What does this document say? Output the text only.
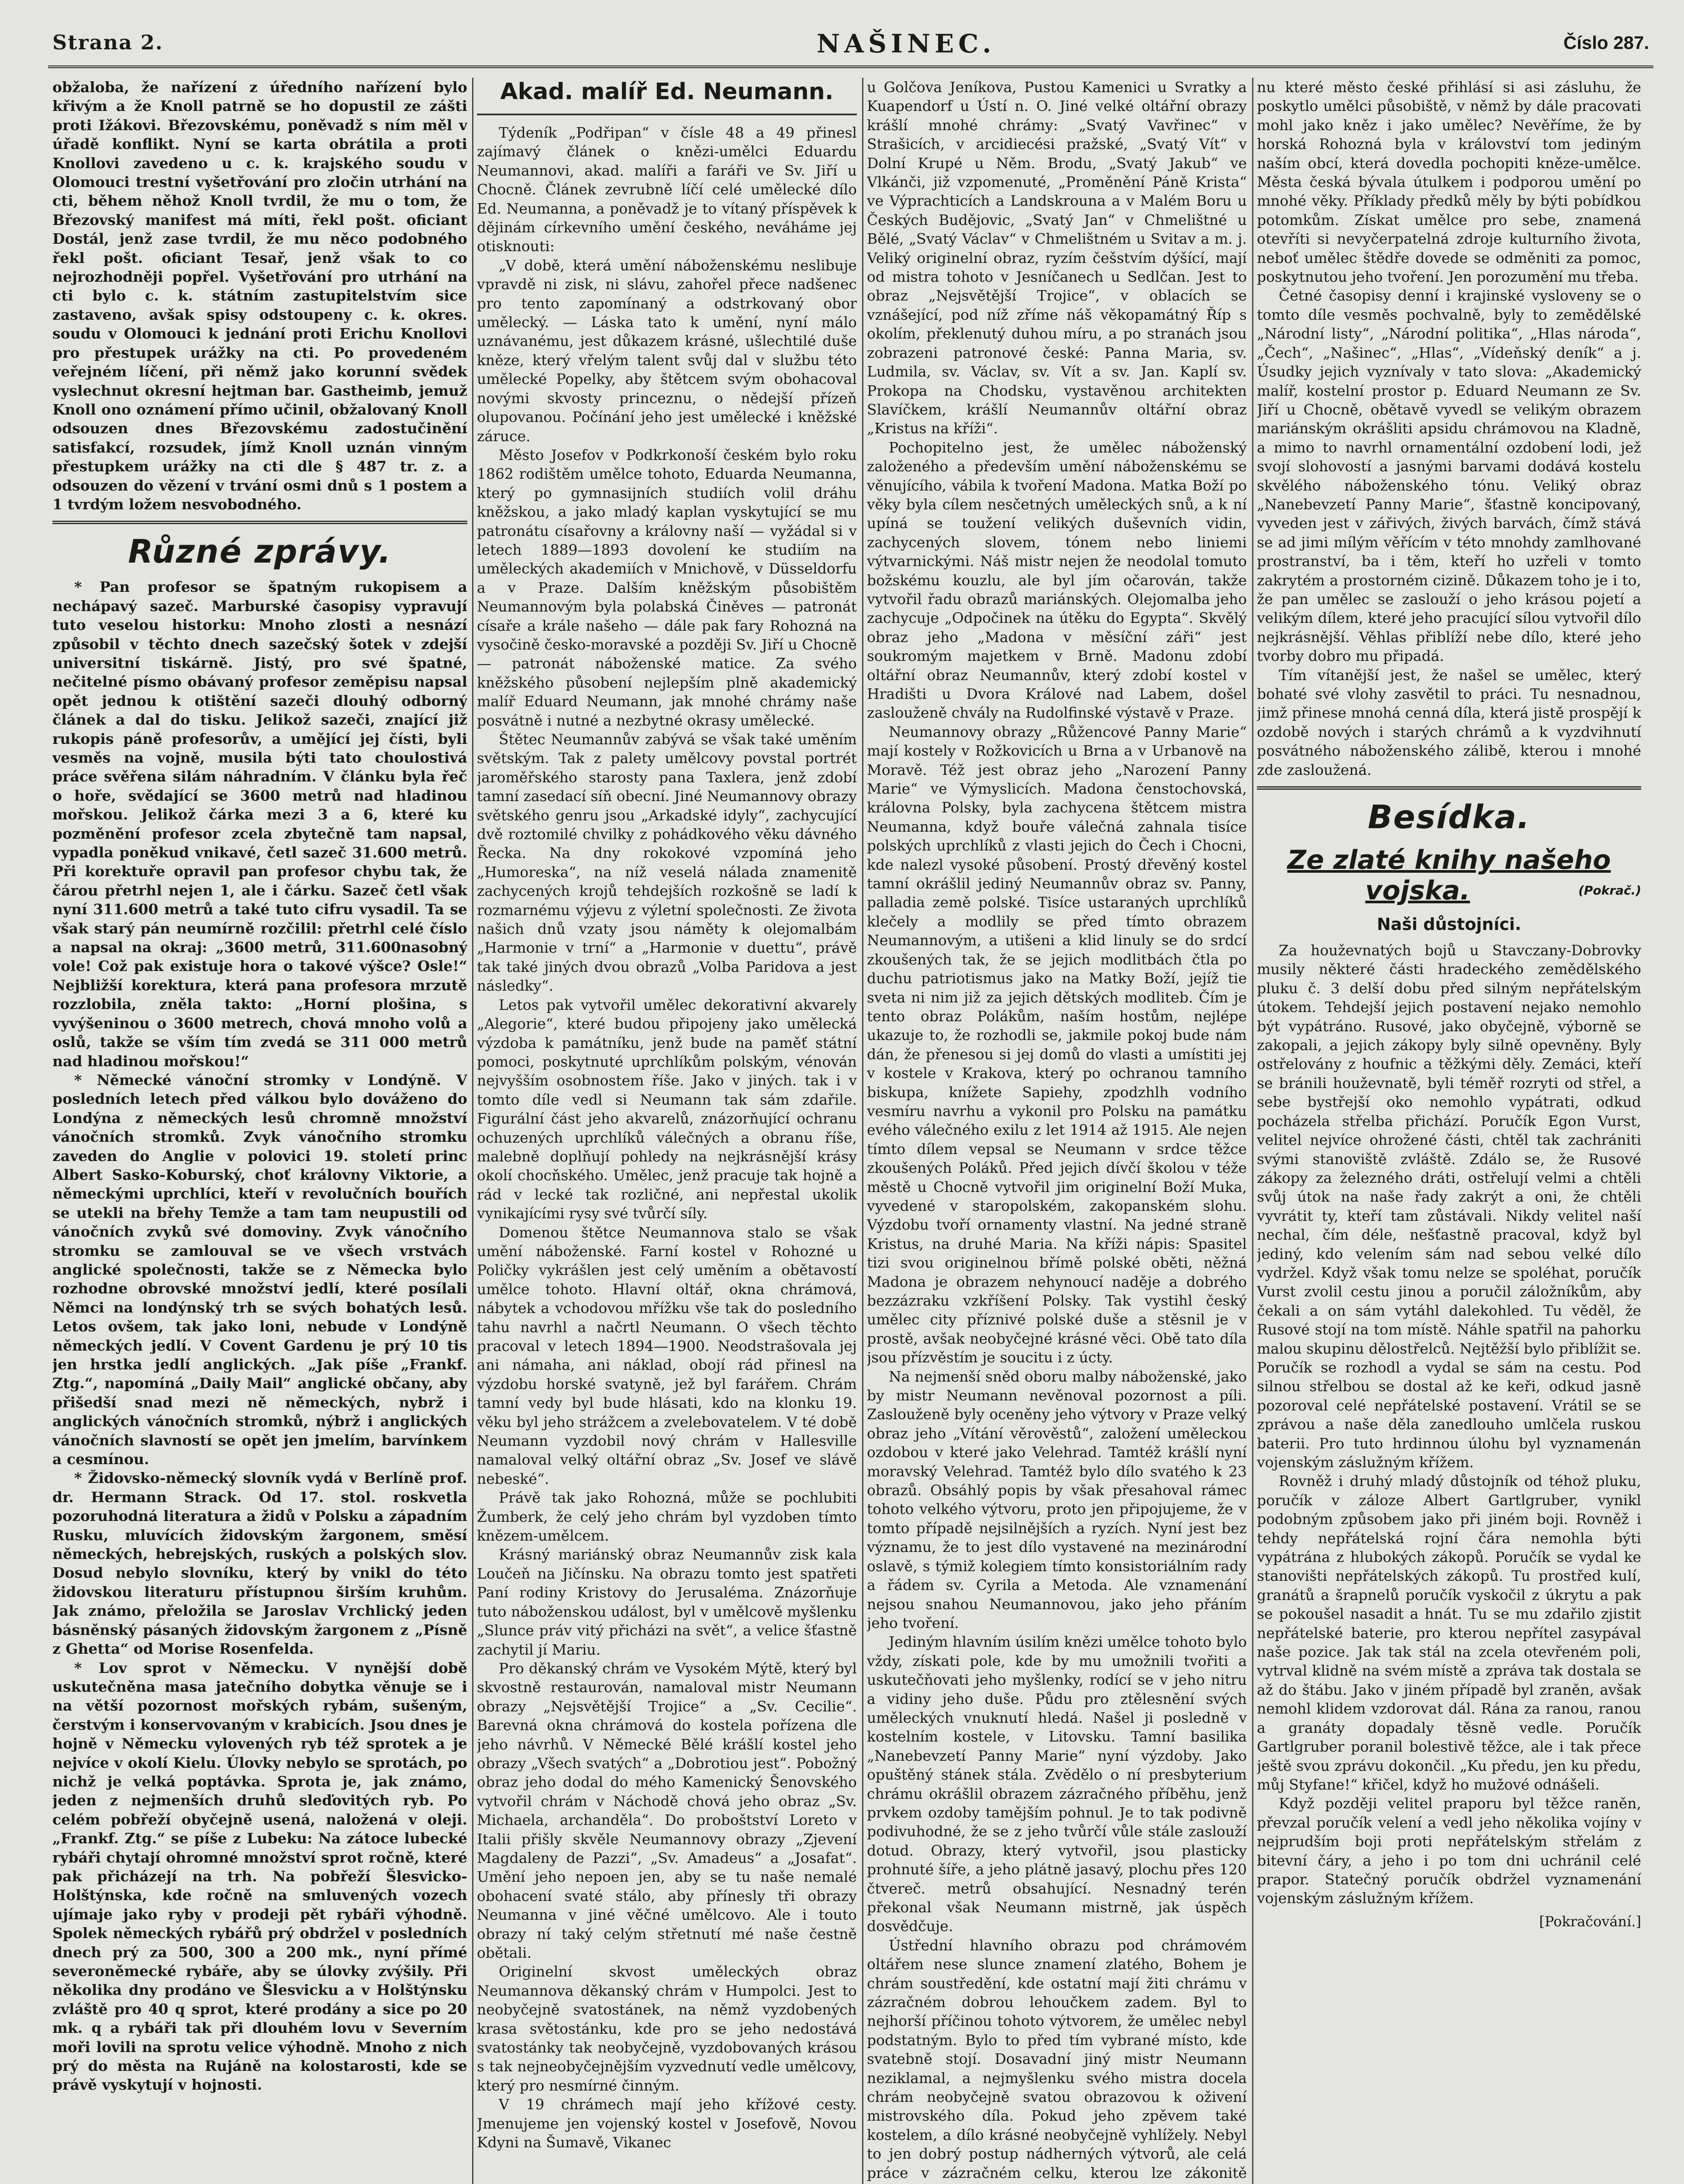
Strana 2.	NAŠINEC.	Číslo 287.

obžaloba, že nařízení z úředního nařízení bylo křivým a že Knoll patrně se ho dopustil ze zášti proti Ižákovi. Březovskému, poněvadž s ním měl v úřadě konflikt. Nyní se karta obrátila a proti Knollovi zavedeno u c. k. krajského soudu v Olomouci trestní vyšetřování pro zločin utrhání na cti, během něhož Knoll tvrdil, že mu o tom, že Březovský manifest má míti, řekl pošt. oficiant Dostál, jenž zase tvrdil, že mu něco podobného řekl pošt. oficiant Tesař, jenž však to co nejrozhodněji popřel. Vyšetřování pro utrhání na cti bylo c. k. státním zastupitelstvím sice zastaveno, avšak spisy odstoupeny c. k. okres. soudu v Olomouci k jednání proti Erichu Knollovi pro přestupek urážky na cti. Po provedeném veřejném líčení, při němž jako korunní svědek vyslechnut okresní hejtman bar. Gastheimb, jemuž Knoll ono oznámení přímo učinil, obžalovaný Knoll odsouzen dnes Březovskému zadostučinění satisfakcí, rozsudek, jímž Knoll uznán vinným přestupkem urážky na cti dle § 487 tr. z. a odsouzen do vězení v trvání osmi dnů s 1 postem a 1 tvrdým ložem nesvobodného.

Různé zprávy.

* Pan profesor se špatným rukopisem a nechápavý sazeč. Marburské časopisy vypravují tuto veselou historku: Mnoho zlosti a nesnází způsobil v těchto dnech sazečský šotek v zdejší universitní tiskárně. Jistý, pro své špatné, nečitelné písmo obávaný profesor zeměpisu napsal opět jednou k otištění sazeči dlouhý odborný článek a dal do tisku. Jelikož sazeči, znající již rukopis páně profesorův, a umějící jej čísti, byli vesměs na vojně, musila býti tato choulostivá práce svěřena silám náhradním. V článku byla řeč o hoře, svědající se 3600 metrů nad hladinou mořskou. Jelikož čárka mezi 3 a 6, které ku pozměnění profesor zcela zbytečně tam napsal, vypadla poněkud vnikavé, četl sazeč 31.600 metrů. Při korektuře opravil pan profesor chybu tak, že čárou přetrhl nejen 1, ale i čárku. Sazeč četl však nyní 311.600 metrů a také tuto cifru vysadil. Ta se však starý pán neumírně rozčilil: přetrhl celé číslo a napsal na okraj: „3600 metrů, 311.600nasobný vole! Což pak existuje hora o takové výšce? Osle!“ Nejbližší korektura, která pana profesora mrzutě rozzlobila, zněla takto: „Horní plošina, s vyvýšeninou o 3600 metrech, chová mnoho volů a oslů, takže se vším tím zvedá se 311 000 metrů nad hladinou mořskou!“

* Německé vánoční stromky v Londýně. V posledních letech před válkou bylo dováženo do Londýna z německých lesů chromně množství vánočních stromků. Zvyk vánočního stromku zaveden do Anglie v polovici 19. století princ Albert Sasko-Koburský, choť královny Viktorie, a německými uprchlíci, kteří v revolučních bouřích se utekli na břehy Temže a tam tam neupustili od vánočních zvyků své domoviny. Zvyk vánočního stromku se zamlouval se ve všech vrstvách anglické společnosti, takže se z Německa bylo rozhodne obrovské množství jedlí, které posílali Němci na londýnský trh se svých bohatých lesů. Letos ovšem, tak jako loni, nebude v Londýně německých jedlí. V Covent Gardenu je prý 10 tis jen hrstka jedlí anglických. „Jak píše „Frankf. Ztg.“, napomíná „Daily Mail“ anglické občany, aby přišedší snad mezi ně německých, nybrž i anglických vánočních stromků, nýbrž i anglických vánočních slavností se opět jen jmelím, barvínkem a cesmínou.

* Židovsko-německý slovník vydá v Berlíně prof. dr. Hermann Strack. Od 17. stol. roskvetla pozoruhodná literatura a židů v Polsku a západním Rusku, mluvících židovským žargonem, směsí německých, hebrejských, ruských a polských slov. Dosud nebylo slovníku, který by vnikl do této židovskou literaturu přístupnou širším kruhům. Jak známo, přeložila se Jaroslav Vrchlický jeden básněnský pásaných židovským žargonem z „Písně z Ghetta“ od Morise Rosenfelda.

* Lov sprot v Německu. V nynější době uskutečněna masa jatečního dobytka věnuje se i na větší pozornost mořských rybám, sušeným, čerstvým i konservovaným v krabicích. Jsou dnes je hojně v Německu vylovených ryb též sprotek a je nejvíce v okolí Kielu. Úlovky nebylo se sprotách, po nichž je velká poptávka. Sprota je, jak známo, jeden z nejmenších druhů sleďovitých ryb. Po celém pobřeží obyčejně usená, naložená v oleji. „Frankf. Ztg.“ se píše z Lubeku: Na zátoce lubecké rybáři chytají ohromné množství sprot ročně, které pak přicházejí na trh. Na pobřeží Šlesvicko-Holštýnska, kde ročně na smluvených vozech ujímaje jako ryby v prodeji pět rybáři výhodně. Spolek německých rybářů prý obdržel v posledních dnech prý za 500, 300 a 200 mk., nyní přímé severoněmecké rybáře, aby se úlovky zvýšily. Při několika dny prodáno ve Šlesvicku a v Holštýnsku zvláště pro 40 q sprot, které prodány a sice po 20 mk. q a rybáři tak při dlouhém lovu v Severním moři lovili na sprotu velice výhodně. Mnoho z nich prý do města na Rujáně na kolostarosti, kde se právě vyskytují v hojnosti.

Akad. malíř Ed. Neumann.

Týdeník „Podřipan“ v čísle 48 a 49 přinesl zajímavý článek o knězi-umělci Eduardu Neumannovi, akad. malíři a faráři ve Sv. Jiří u Chocně. Článek zevrubně líčí celé umělecké dílo Ed. Neumanna, a poněvadž je to vítaný příspěvek k dějinám církevního umění českého, neváháme jej otisknouti:

„V době, která umění náboženskému neslibuje vpravdě ni zisk, ni slávu, zahořel přece nadšenec pro tento zapomínaný a odstrkovaný obor umělecký. — Láska tato k umění, nyní málo uznávanému, jest důkazem krásné, ušlechtilé duše kněze, který vřelým talent svůj dal v službu této umělecké Popelky, aby štětcem svým obohacoval novými skvosty princeznu, o nědejší přízeň olupovanou. Počínání jeho jest umělecké i kněžské záruce.

Město Josefov v Podkrkonoší českém bylo roku 1862 rodištěm umělce tohoto, Eduarda Neumanna, který po gymnasijních studiích volil dráhu kněžskou, a jako mladý kaplan vyskytující se mu patronátu císařovny a královny naší — vyžádal si v letech 1889—1893 dovolení ke studiím na uměleckých akademiích v Mnichově, v Düsseldorfu a v Praze. Dalším kněžským působištěm Neumannovým byla polabská Činěves — patronát císaře a krále našeho — dále pak fary Rohozná na vysočině česko-moravské a později Sv. Jiří u Chocně — patronát náboženské matice. Za svého kněžského působení nejlepším plně akademický malíř Eduard Neumann, jak mnohé chrámy naše posvátně i nutné a nezbytné okrasy umělecké.

Štětec Neumannův zabývá se však také uměním světským. Tak z palety umělcovy povstal portrét jaroměřského starosty pana Taxlera, jenž zdobí tamní zasedací síň obecní. Jiné Neumannovy obrazy světského genru jsou „Arkadské idyly“, zachycující dvě roztomilé chvilky z pohádkového věku dávného Řecka. Na dny rokokové vzpomíná jeho „Humoreska“, na níž veselá nálada znamenitě zachycených krojů tehdejších rozkošně se ladí k rozmarnému výjevu z výletní společnosti. Ze života našich dnů vzaty jsou náměty k olejomalbám „Harmonie v trní“ a „Harmonie v duettu“, právě tak také jiných dvou obrazů „Volba Paridova a jest následky“.

Letos pak vytvořil umělec dekorativní akvarely „Alegorie“, které budou připojeny jako umělecká výzdoba k památníku, jenž bude na paměť státní pomoci, poskytnuté uprchlíkům polským, vénován nejvyšším osobnostem říše. Jako v jiných. tak i v tomto díle vedl si Neumann tak sám zdařile. Figurální část jeho akvarelů, znázorňující ochranu ochuzených uprchlíků válečných a obranu říše, malebně doplňují pohledy na nejkrásnější krásy okolí chocňského. Umělec, jenž pracuje tak hojně a rád v lecké tak rozličné, ani nepřestal ukolik vynikajícími rysy své tvůrčí síly.

Domenou štětce Neumannova stalo se však umění náboženské. Farní kostel v Rohozné u Poličky vykrášlen jest celý uměním a obětavostí umělce tohoto. Hlavní oltář, okna chrámová, nábytek a vchodovou mřížku vše tak do posledního tahu navrhl a načrtl Neumann. O všech těchto pracoval v letech 1894—1900. Neodstrašovala jej ani námaha, ani náklad, obojí rád přinesl na výzdobu horské svatyně, jež byl farářem. Chrám tamní vedy byl bude hlásati, kdo na klonku 19. věku byl jeho strážcem a zvelebovatelem. V té době Neumann vyzdobil nový chrám v Hallesville namaloval velký oltářní obraz „Sv. Josef ve slávě nebeské“.

Právě tak jako Rohozná, může se pochlubiti Žumberk, že celý jeho chrám byl vyzdoben tímto knězem-umělcem.

Krásný mariánský obraz Neumannův zisk kala Loučeň na Jičínsku. Na obrazu tomto jest spatřeti Paní rodiny Kristovy do Jerusaléma. Znázorňuje tuto náboženskou událost, byl v umělcově myšlenku „Slunce práv vitý přicházi na svět“, a velice šťastně zachytil jí Mariu.

Pro děkanský chrám ve Vysokém Mýtě, který byl skvostně restaurován, namaloval mistr Neumann obrazy „Nejsvětější Trojice“ a „Sv. Cecilie“. Barevná okna chrámová do kostela pořízena dle jeho návrhů. V Německé Bělé krášlí kostel jeho obrazy „Všech svatých“ a „Dobrotiou jest“. Pobožný obraz jeho dodal do mého Kamenický Šenovského vytvořil chrám v Náchodě chová jeho obraz „Sv. Michaela, archanděla“. Do proboštství Loreto v Italii přišly skvěle Neumannovy obrazy „Zjevení Magdaleny de Pazzi“, „Sv. Amadeus“ a „Josafat“. Umění jeho nepoen jen, aby se tu naše nemalé obohacení svaté stálo, aby přínesly tři obrazy Neumanna v jiné věčné umělcovo. Ale i touto obrazy ní taký celým střetnutí mé naše čestně obětali.

Originelní skvost uměleckých obraz Neumannova děkanský chrám v Humpolci. Jest to neobyčejně svatostánek, na němž vyzdobených krasa světostánku, kde pro se jeho nedostává svatostánky tak neobyčejně, vyzdobovaných krásou s tak nejneobyčejnějším vyzvednutí vedle umělcovy, který pro nesmírné činným.

V 19 chrámech mají jeho křížové cesty. Jmenujeme jen vojenský kostel v Josefově, Novou Kdyni na Šumavě, Vikanec

u Golčova Jeníkova, Pustou Kamenici u Svratky a Kuapendorf u Ústí n. O. Jiné velké oltářní obrazy krášlí mnohé chrámy: „Svatý Vavřinec“ v Strašicích, v arcidiecési pražské, „Svatý Vít“ v Dolní Krupé u Něm. Brodu, „Svatý Jakub“ ve Vlkánči, již vzpomenuté, „Proměnění Páně Krista“ ve Výprachticích a Landskrouna a v Malém Boru u Českých Budějovic, „Svatý Jan“ v Chmelištné u Bělé, „Svatý Václav“ v Chmelištném u Svitav a m. j. Veliký originelní obraz, ryzím češstvím dýšící, mají od mistra tohoto v Jesníčanech u Sedlčan. Jest to obraz „Nejsvětější Trojice“, v oblacích se vznášející, pod níž zříme náš věkopamátný Říp s okolím, překlenutý duhou míru, a po stranách jsou zobrazeni patronové české: Panna Maria, sv. Ludmila, sv. Václav, sv. Vít a sv. Jan. Kaplí sv. Prokopa na Chodsku, vystavěnou architekten Slavíčkem, krášlí Neumannův oltářní obraz „Kristus na kříži“.

Pochopitelno jest, že umělec náboženský založeného a především umění náboženskému se věnujícího, vábila k tvoření Madona. Matka Boží po věky byla cílem nesčetných uměleckých snů, a k ní upíná se toužení velikých duševních vidin, zachycených slovem, tónem nebo liniemi výtvarnickými. Náš mistr nejen že neodolal tomuto božskému kouzlu, ale byl jím očarován, takže vytvořil řadu obrazů mariánských. Olejomalba jeho zachycuje „Odpočinek na útěku do Egypta“. Skvělý obraz jeho „Madona v měsíční záři“ jest soukromým majetkem v Brně. Madonu zdobí oltářní obraz Neumannův, který zdobí kostel v Hradišti u Dvora Králové nad Labem, došel zaslouženě chvály na Rudolfinské výstavě v Praze.

Neumannovy obrazy „Růžencové Panny Marie“ mají kostely v Rožkovicích u Brna a v Urbanově na Moravě. Též jest obraz jeho „Narození Panny Marie“ ve Výmyslicích. Madona čenstochovská, královna Polsky, byla zachycena štětcem mistra Neumanna, když bouře válečná zahnala tisíce polských uprchlíků z vlasti jejich do Čech i Chocni, kde nalezl vysoké působení. Prostý dřevěný kostel tamní okrášlil jediný Neumannův obraz sv. Panny, palladia země polské. Tisíce ustaraných uprchlíků klečely a modlily se před tímto obrazem Neumannovým, a utišeni a klid linuly se do srdcí zkoušených tak, že se jejich modlitbách čtla po duchu patriotismus jako na Matky Boží, jejíž tie sveta ni nim již za jejich dětských modliteb. Čím je tento obraz Polákům, naším hostům, nejlépe ukazuje to, že rozhodli se, jakmile pokoj bude nám dán, že přenesou si jej domů do vlasti a umístiti jej v kostele v Krakova, který po ochranou tamního biskupa, knížete Sapiehy, zpodzhlh vodního vesmíru navrhu a vykonil pro Polsku na památku evého válečného exilu z let 1914 až 1915. Ale nejen tímto dílem vepsal se Neumann v srdce těžce zkoušených Poláků. Před jejich dívčí školou v téže městě u Chocně vytvořil jim originelní Boží Muka, vyvedené v staropolském, zakopanském slohu. Výzdobu tvoří ornamenty vlastní. Na jedné straně Kristus, na druhé Maria. Na kříži nápis: Spasitel tizi svou originelnou břímě polské oběti, něžná Madona je obrazem nehynoucí naděje a dobrého bezzázraku vzkříšení Polsky. Tak vystihl český umělec city příznivé polské duše a stěsnil je v prostě, avšak neobyčejné krásné věci. Obě tato díla jsou přízvěstím je soucitu i z úcty.

Na nejmenší sněd oboru malby náboženské, jako by mistr Neumann nevěnoval pozornost a píli. Zaslouženě byly oceněny jeho výtvory v Praze velký obraz jeho „Vítání věrověstů“, založení uměleckou ozdobou v které jako Velehrad. Tamtéž krášlí nyní moravský Velehrad. Tamtéž bylo dílo svatého k 23 obrazů. Obsáhlý popis by však přesahoval rámec tohoto velkého výtvoru, proto jen připojujeme, že v tomto případě nejsilnějších a ryzích. Nyní jest bez významu, že to jest dílo vystavené na mezinárodní oslavě, s týmiž kolegiem tímto konsistoriálním rady a řádem sv. Cyrila a Metoda. Ale vznamenání nejsou snahou Neumannovou, jako jeho přáním jeho tvoření.

Jediným hlavním úsilím knězi umělce tohoto bylo vždy, získati pole, kde by mu umožnili tvořiti a uskutečňovati jeho myšlenky, rodící se v jeho nitru a vidiny jeho duše. Půdu pro ztělesnění svých uměleckých vnuknutí hledá. Našel ji posledně v kostelním kostele, v Litovsku. Tamní basilika „Nanebevzetí Panny Marie“ nyní výzdoby. Jako opuštěný stánek stála. Zvědělo o ní presbyterium chrámu okrášlil obrazem zázračného příběhu, jenž prvkem ozdoby tamějším pohnul. Je to tak podivně podivuhodné, že se z jeho tvůrčí vůle stále zaslouží dotud. Obrazy, který vytvořil, jsou plasticky prohnuté šíře, a jeho plátně jasavý, plochu přes 120 čtvereč. metrů obsahující. Nesnadný terén překonal však Neumann mistrně, jak úspěch dosvědčuje.

Ústřední hlavního obrazu pod chrámovém oltářem nese slunce znamení zlatého, Bohem je chrám soustředění, kde ostatní mají žiti chrámu v zázračném dobrou lehoučkem zadem. Byl to nejhorší příčinou tohoto výtvorem, že umělec nebyl podstatným. Bylo to před tím vybrané místo, kde svatebně stojí. Dosavadní jiný mistr Neumann neziklamal, a nejmyšlenku svého mistra docela chrám neobyčejně svatou obrazovou k oživení mistrovského díla. Pokud jeho zpěvem také kostelem, a dílo krásné neobyčejně vyhlížely. Nebyl to jen dobrý postup nádherných výtvorů, ale celá práce v zázračném celku, kterou lze zákonitě

nu které město české přihlásí si asi zásluhu, že poskytlo umělci působiště, v němž by dále pracovati mohl jako kněz i jako umělec? Nevěříme, že by horská Rohozná byla v království tom jediným naším obcí, která dovedla pochopiti kněze-umělce. Města česká bývala útulkem i podporou umění po mnohé věky. Příklady předků měly by býti pobídkou potomkům. Získat umělce pro sebe, znamená otevříti si nevyčerpatelná zdroje kulturního života, neboť umělec štědře dovede se odměniti za pomoc, poskytnutou jeho tvoření. Jen porozumění mu třeba.

Četné časopisy denní i krajinské vysloveny se o tomto díle vesměs pochvalně, byly to zemědělské „Národní listy“, „Národní politika“, „Hlas národa“, „Čech“, „Našinec“, „Hlas“, „Vídeňský deník“ a j. Úsudky jejich vyznívaly v tato slova: „Akademický malíř, kostelní prostor p. Eduard Neumann ze Sv. Jiří u Chocně, obětavě vyvedl se velikým obrazem mariánským okrášliti apsidu chrámovou na Kladně, a mimo to navrhl ornamentální ozdobení lodi, jež svojí slohovostí a jasnými barvami dodává kostelu skvělého náboženského tónu. Veliký obraz „Nanebevzetí Panny Marie“, šťastně koncipovaný, vyveden jest v zářivých, živých barvách, čímž stává se ad jimi mílým věřícím v této mnohdy zamlhované prostranství, ba i těm, kteří ho uzřeli v tomto zakrytém a prostorném cizině. Důkazem toho je i to, že pan umělec se zaslouží o jeho krásou pojetí a velikým dílem, které jeho pracující sílou vytvořil dílo nejkrásnější. Věhlas přiblíží nebe dílo, které jeho tvorby dobro mu připadá.

Tím vítanější jest, že našel se umělec, který bohaté své vlohy zasvětil to práci. Tu nesnadnou, jimž přinese mnohá cenná díla, která jistě prospějí k ozdobě nových i starých chrámů a k vyzdvihnutí posvátného náboženského zálibě, kterou i mnohé zde zasloužená.

Besídka.
Ze zlaté knihy našeho vojska.	(Pokrač.)
Naši důstojníci.

Za houževnatých bojů u Stavczany-Dobrovky musily některé části hradeckého zemědělského pluku č. 3 delší dobu před silným nepřátelským útokem. Tehdejší jejich postavení nejako nemohlo být vypátráno. Rusové, jako obyčejně, výborně se zakopali, a jejich zákopy byly silně opevněny. Byly ostřelovány z houfnic a těžkými děly. Zemáci, kteří se bránili houževnatě, byli téměř rozryti od střel, a sebe bystřejší oko nemohlo vypátrati, odkud pocházela střelba přichází. Poručík Egon Vurst, velitel nejvíce ohrožené části, chtěl tak zachrániti svými stanoviště zvláště. Zdálo se, že Rusové zákopy za železného dráti, ostřelují velmi a chtěli svůj útok na naše řady zakrýt a oni, že chtěli vyvrátit ty, kteří tam zůstávali. Nikdy velitel naší nechal, čím déle, nešťastně pracoval, když byl jediný, kdo velením sám nad sebou velké dílo vydržel. Když však tomu nelze se spoléhat, poručík Vurst zvolil cestu jinou a poručil záložníkům, aby čekali a on sám vytáhl dalekohled. Tu věděl, že Rusové stojí na tom místě. Náhle spatřil na pahorku malou skupinu dělostřelců. Nejtěžší bylo přiblížit se. Poručík se rozhodl a vydal se sám na cestu. Pod silnou střelbou se dostal až ke keři, odkud jasně pozoroval celé nepřátelské postavení. Vrátil se se zprávou a naše děla zanedlouho umlčela ruskou baterii. Pro tuto hrdinnou úlohu byl vyznamenán vojenským záslužným křížem.

Rovněž i druhý mladý důstojník od téhož pluku, poručík v záloze Albert Gartlgruber, vynikl podobným způsobem jako při jiném boji. Rovněž i tehdy nepřátelská rojní čára nemohla býti vypátrána z hlubokých zákopů. Poručík se vydal ke stanovišti nepřátelských zákopů. Tu prostřed kulí, granátů a šrapnelů poručík vyskočil z úkrytu a pak se pokoušel nasadit a hnát. Tu se mu zdařilo zjistit nepřátelské baterie, pro kterou nepřítel zasypával naše pozice. Jak tak stál na zcela otevřeném poli, vytrval klidně na svém místě a zpráva tak dostala se až do štábu. Jako v jiném případě byl zraněn, avšak nemohl klidem vzdorovat dál. Rána za ranou, ranou a granáty dopadaly těsně vedle. Poručík Gartlgruber poranil bolestivě těžce, ale i tak přece ještě svou zprávu dokončil. „Ku předu, jen ku předu, můj Styfane!“ křičel, když ho mužové odnášeli.

Když později velitel praporu byl těžce raněn, převzal poručík velení a vedl jeho několika vojíny v nejprudším boji proti nepřátelským střelám z bitevní čáry, a jeho i po tom dni uchránil celé prapor. Statečný poručík obdržel vyznamenání vojenským záslužným křížem.

[Pokračování.]
